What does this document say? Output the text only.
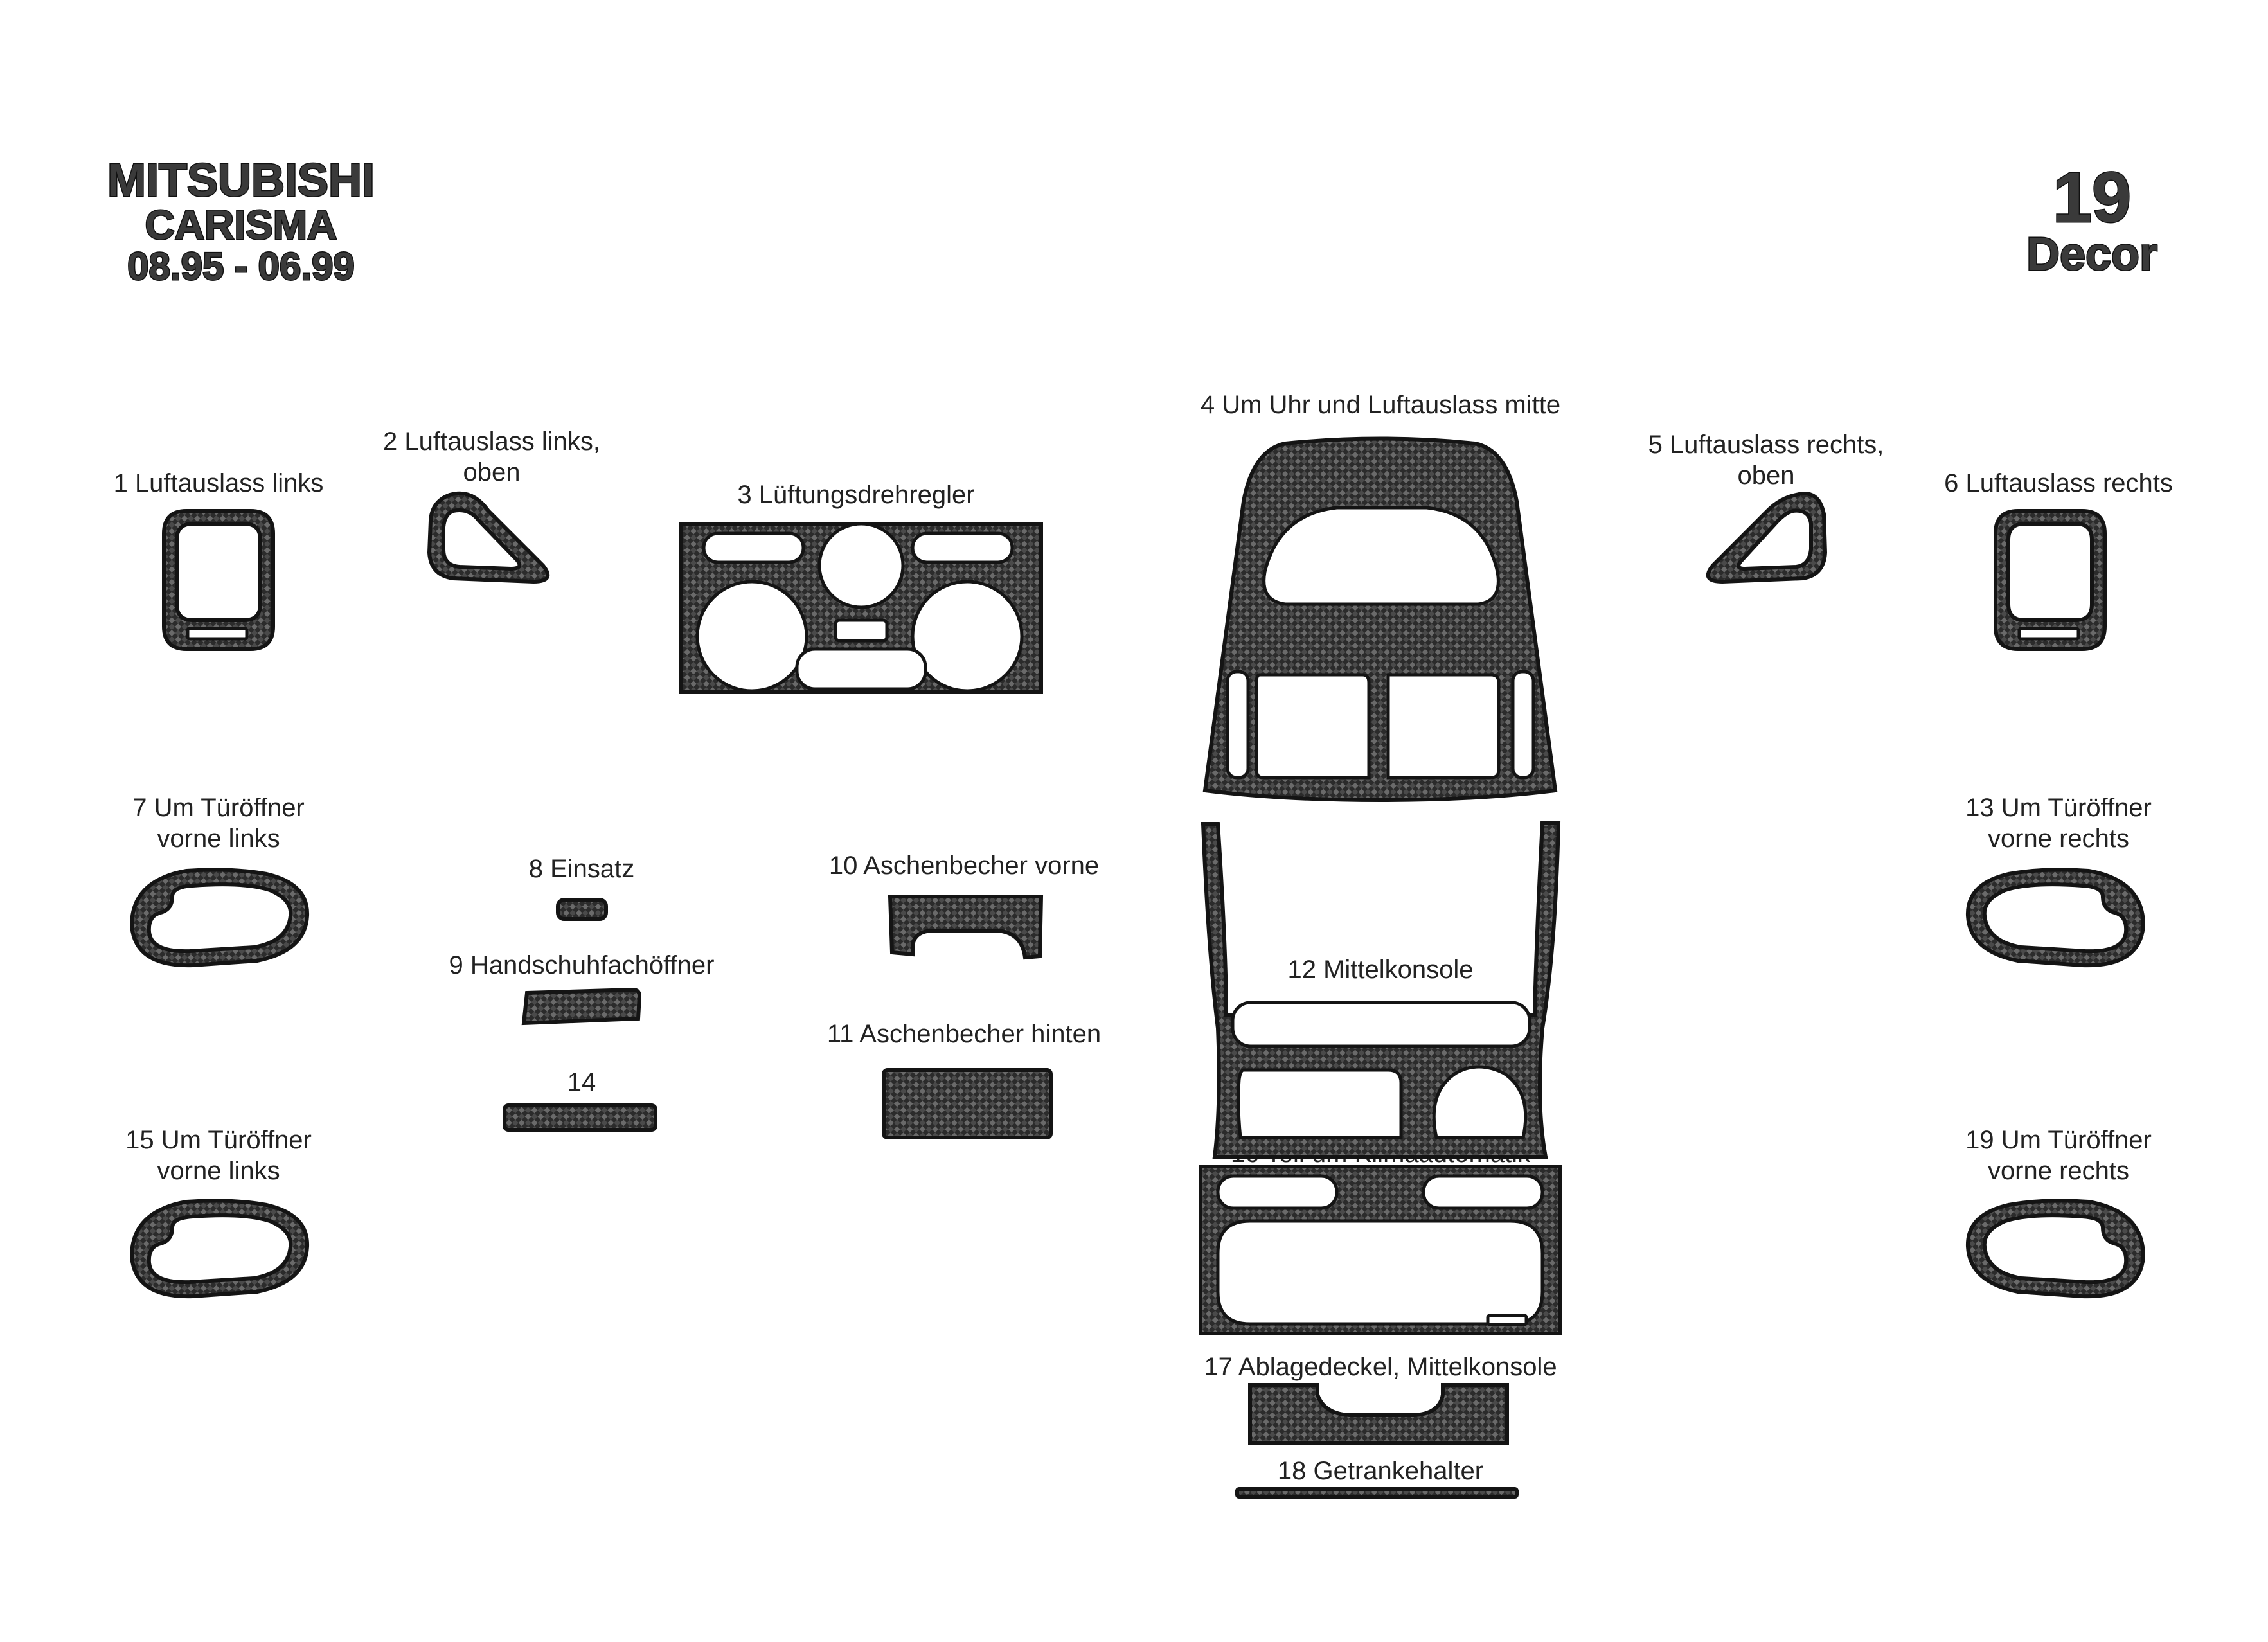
MITSUBISHI
CARISMA
08.95 - 06.99
19
Decor
1 Luftauslass links
2 Luftauslass links,
oben
3 Lüftungsdrehregler
4 Um Uhr und Luftauslass mitte
5 Luftauslass rechts,
oben	6 Luftauslass rechts
7 Um Türöffner
vorne links
8 Einsatz
9 Handschuhfachöffner
10 Aschenbecher vorne
11 Aschenbecher hinten
12 Mittelkonsole
13 Um Türöffner
vorne rechts
14
15 Um Türöffner
vorne links
17 Ablagedeckel, Mittelkonsole
18 Getrankehalter
19 Um Türöffner
vorne rechts
